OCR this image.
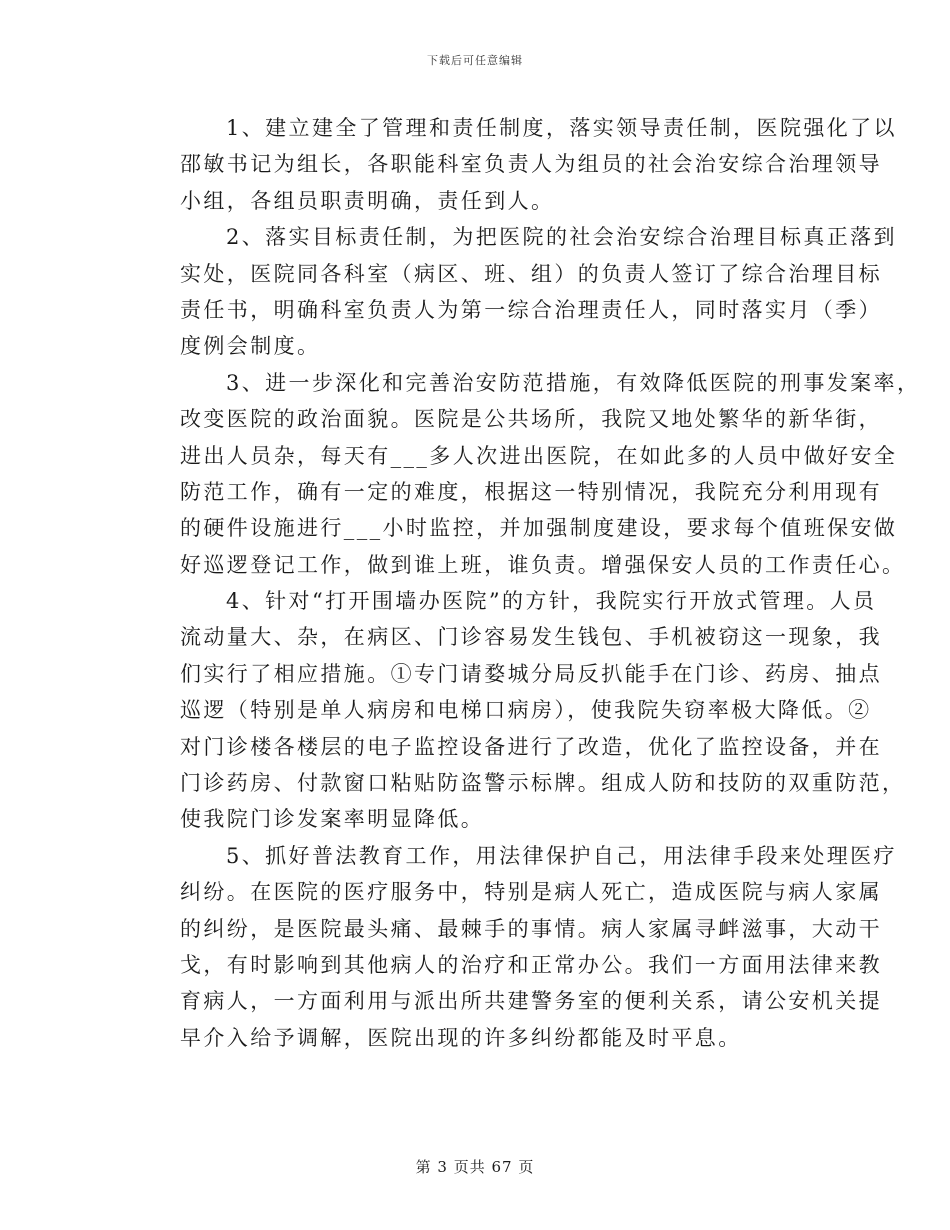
下载后可任意编辑
1、建立建全了管理和责任制度，落实领导责任制，医院强化了以
邵敏书记为组长，各职能科室负责人为组员的社会治安综合治理领导
小组，各组员职责明确，责任到人。
2、落实目标责任制，为把医院的社会治安综合治理目标真正落到
实处，医院同各科室（病区、班、组）的负责人签订了综合治理目标
责任书，明确科室负责人为第一综合治理责任人，同时落实月（季）
度例会制度。
3、进一步深化和完善治安防范措施，有效降低医院的刑事发案率，
改变医院的政治面貌。医院是公共场所，我院又地处繁华的新华街，
进出人员杂，每天有___多人次进出医院，在如此多的人员中做好安全
防范工作，确有一定的难度，根据这一特别情况，我院充分利用现有
的硬件设施进行___小时监控，并加强制度建设，要求每个值班保安做
好巡逻登记工作，做到谁上班，谁负责。增强保安人员的工作责任心。
4、针对“打开围墙办医院”的方针，我院实行开放式管理。人员
流动量大、杂，在病区、门诊容易发生钱包、手机被窃这一现象，我
们实行了相应措施。①专门请婺城分局反扒能手在门诊、药房、抽点
巡逻（特别是单人病房和电梯口病房），使我院失窃率极大降低。②
对门诊楼各楼层的电子监控设备进行了改造，优化了监控设备，并在
门诊药房、付款窗口粘贴防盗警示标牌。组成人防和技防的双重防范，
使我院门诊发案率明显降低。
5、抓好普法教育工作，用法律保护自己，用法律手段来处理医疗
纠纷。在医院的医疗服务中，特别是病人死亡，造成医院与病人家属
的纠纷，是医院最头痛、最棘手的事情。病人家属寻衅滋事，大动干
戈，有时影响到其他病人的治疗和正常办公。我们一方面用法律来教
育病人，一方面利用与派出所共建警务室的便利关系，请公安机关提
早介入给予调解，医院出现的许多纠纷都能及时平息。
第 3 页共 67 页
